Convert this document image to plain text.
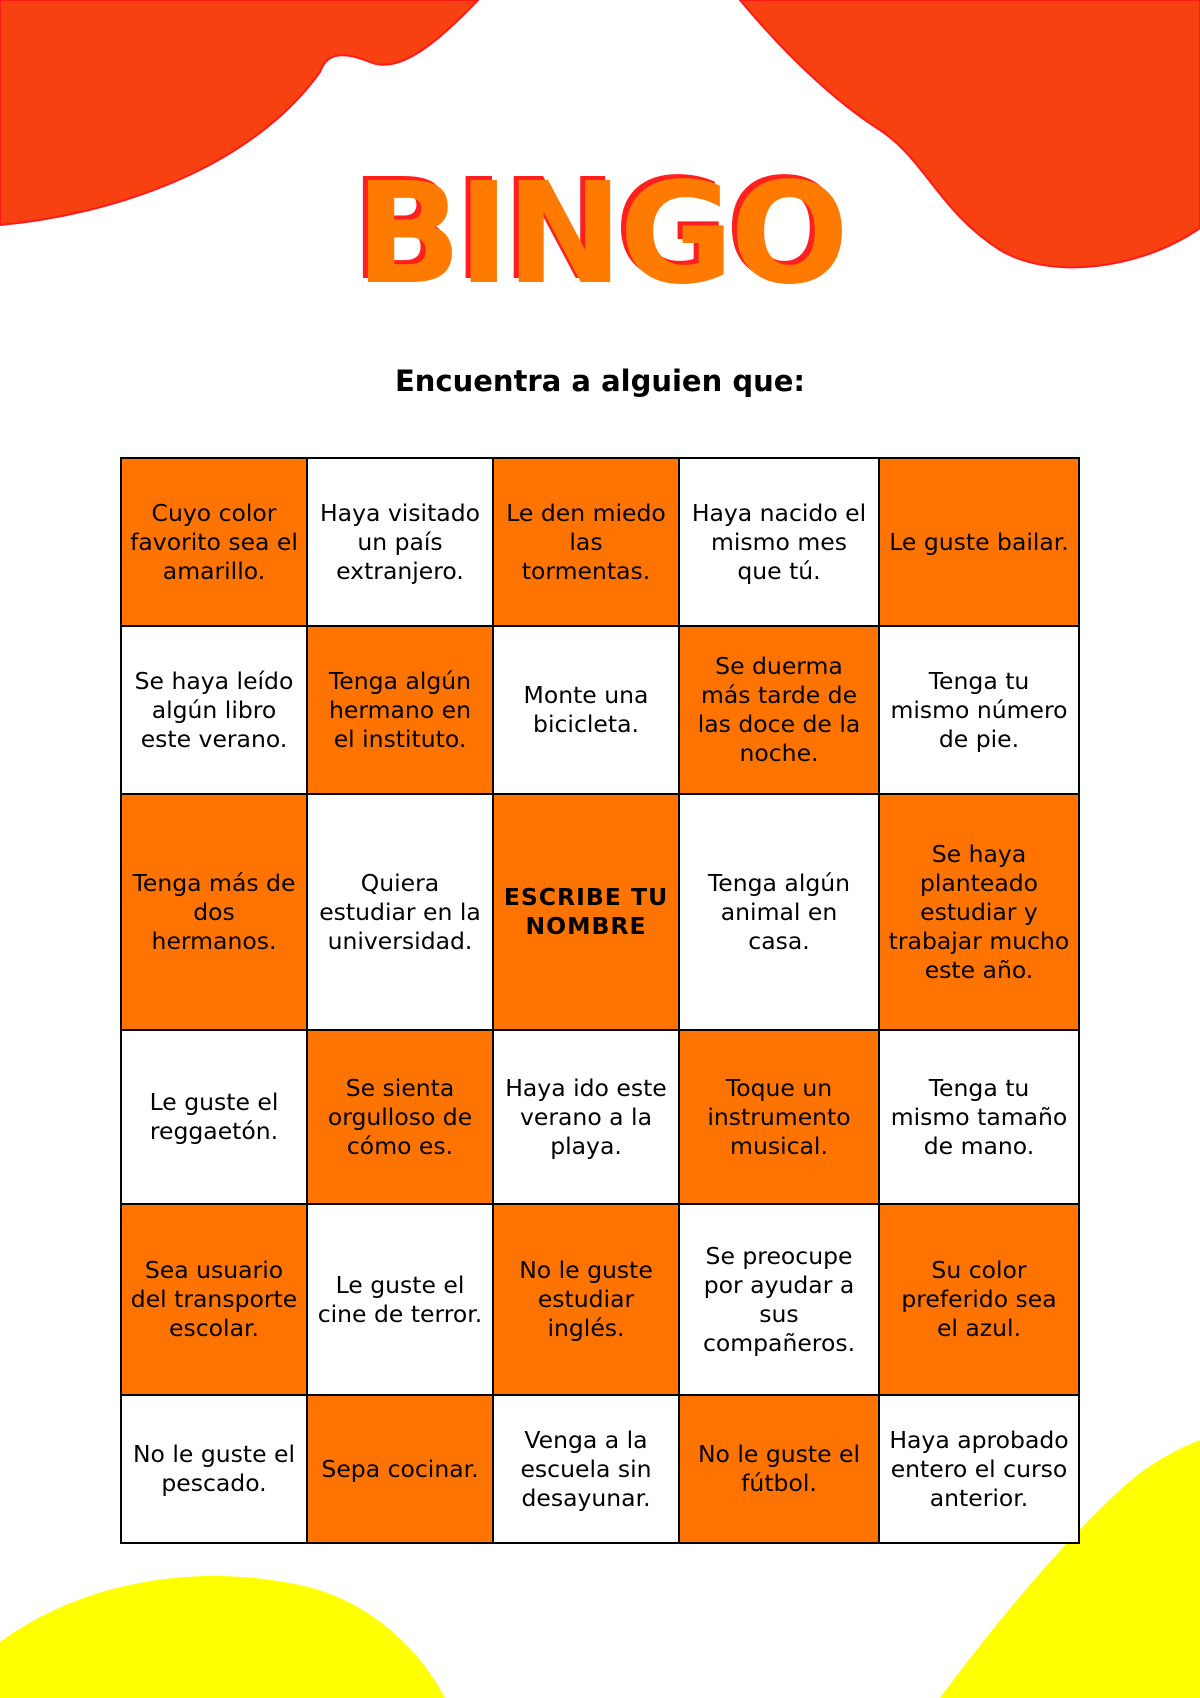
BINGO
Encuentra a alguien que:
Cuyo color favorito sea el amarillo.	Haya visitado un país extranjero.	Le den miedo las tormentas.	Haya nacido el mismo mes que tú.	Le guste bailar.
Se haya leído algún libro este verano.	Tenga algún hermano en el instituto.	Monte una bicicleta.	Se duerma más tarde de las doce de la noche.	Tenga tu mismo número de pie.
Tenga más de dos hermanos.	Quiera estudiar en la universidad.	ESCRIBE TU NOMBRE	Tenga algún animal en casa.	Se haya planteado estudiar y trabajar mucho este año.
Le guste el reggaetón.	Se sienta orgulloso de cómo es.	Haya ido este verano a la playa.	Toque un instrumento musical.	Tenga tu mismo tamaño de mano.
Sea usuario del transporte escolar.	Le guste el cine de terror.	No le guste estudiar inglés.	Se preocupe por ayudar a sus compañeros.	Su color preferido sea el azul.
No le guste el pescado.	Sepa cocinar.	Venga a la escuela sin desayunar.	No le guste el fútbol.	Haya aprobado entero el curso anterior.
